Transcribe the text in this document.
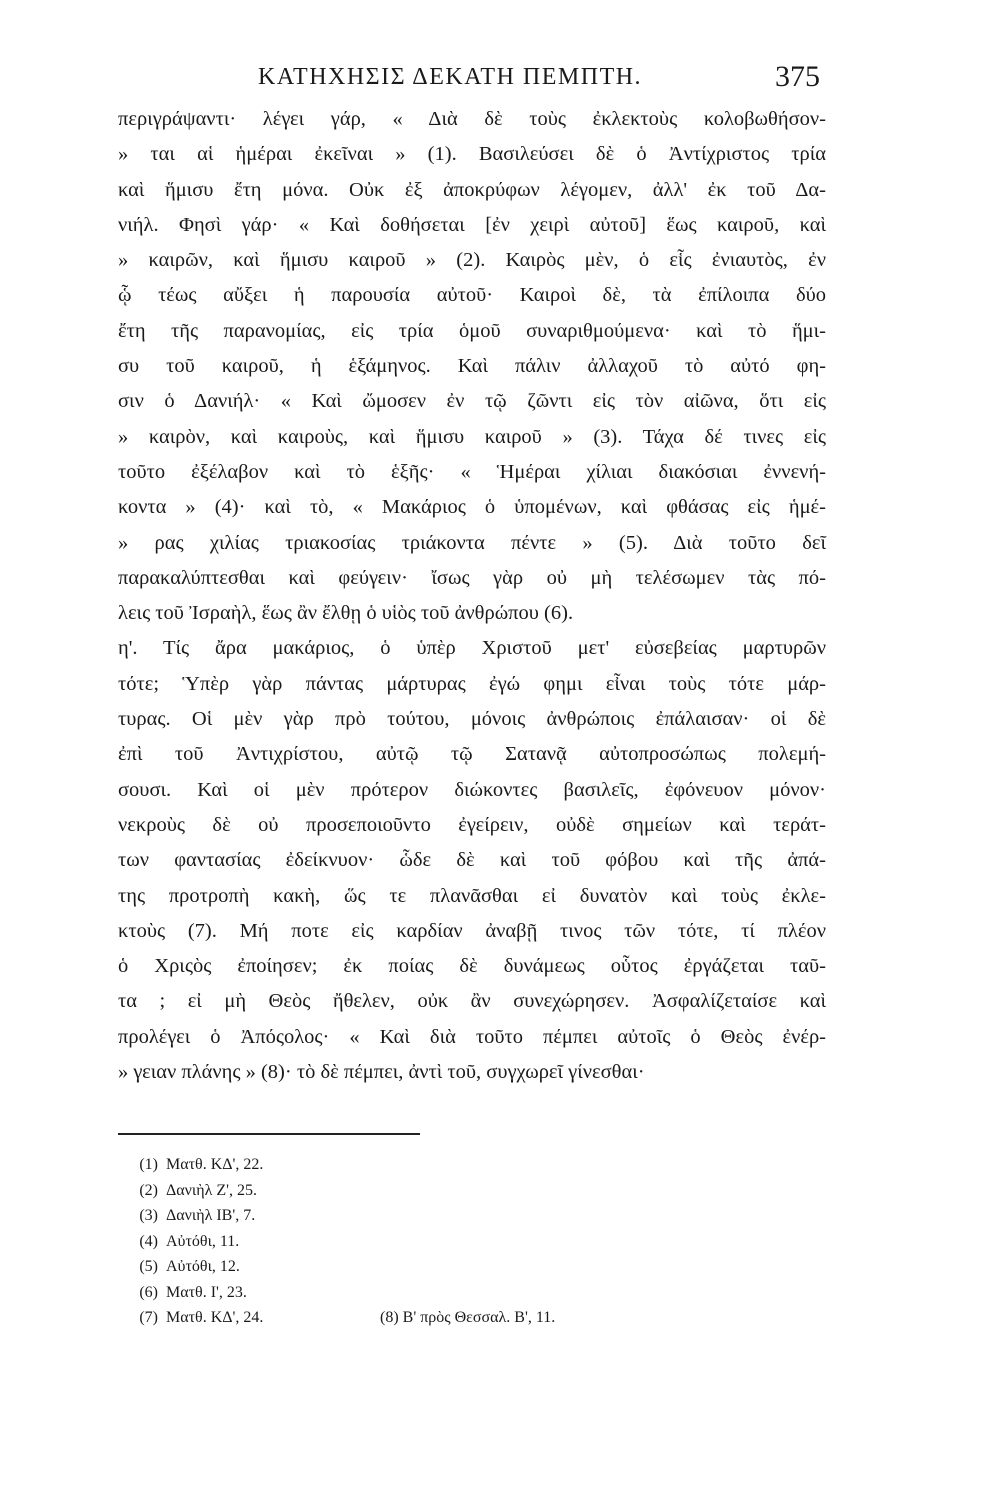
ΚΑΤΗΧΗΣΙΣ ΔΕΚΑΤΗ ΠΕΜΠΤΗ.	375
περιγράψαντι· λέγει γάρ, « Διὰ δὲ τοὺς ἐκλεκτοὺς κολοβωθήσον-
» ται αἱ ἡμέραι ἐκεῖναι » (1). Βασιλεύσει δὲ ὁ Ἀντίχριστος τρία
καὶ ἥμισυ ἔτη μόνα. Οὐκ ἐξ ἀποκρύφων λέγομεν, ἀλλ' ἐκ τοῦ Δα-
νιήλ. Φησὶ γάρ· « Καὶ δοθήσεται [ἐν χειρὶ αὐτοῦ] ἕως καιροῦ, καὶ
» καιρῶν, καὶ ἥμισυ καιροῦ » (2). Καιρὸς μὲν, ὁ εἷς ἐνιαυτὸς, ἐν
ᾧ τέως αὔξει ἡ παρουσία αὐτοῦ· Καιροὶ δὲ, τὰ ἐπίλοιπα δύο
ἔτη τῆς παρανομίας, εἰς τρία ὁμοῦ συναριθμούμενα· καὶ τὸ ἥμι-
συ τοῦ καιροῦ, ἡ ἑξάμηνος. Καὶ πάλιν ἀλλαχοῦ τὸ αὐτό φη-
σιν ὁ Δανιήλ· « Καὶ ὤμοσεν ἐν τῷ ζῶντι εἰς τὸν αἰῶνα, ὅτι εἰς
» καιρὸν, καὶ καιροὺς, καὶ ἥμισυ καιροῦ » (3). Τάχα δέ τινες εἰς
τοῦτο ἐξέλαβον καὶ τὸ ἑξῆς· « Ἡμέραι χίλιαι διακόσιαι ἐννενή-
κοντα » (4)· καὶ τὸ, « Μακάριος ὁ ὑπομένων, καὶ φθάσας εἰς ἡμέ-
» ρας χιλίας τριακοσίας τριάκοντα πέντε » (5). Διὰ τοῦτο δεῖ
παρακαλύπτεσθαι καὶ φεύγειν· ἴσως γὰρ οὐ μὴ τελέσωμεν τὰς πό-
λεις τοῦ Ἰσραὴλ, ἕως ἂν ἔλθῃ ὁ υἱὸς τοῦ ἀνθρώπου (6).
η'. Τίς ἄρα μακάριος, ὁ ὑπὲρ Χριστοῦ μετ' εὐσεβείας μαρτυρῶν
τότε; Ὑπὲρ γὰρ πάντας μάρτυρας ἐγώ φημι εἶναι τοὺς τότε μάρ-
τυρας. Οἱ μὲν γὰρ πρὸ τούτου, μόνοις ἀνθρώποις ἐπάλαισαν· οἱ δὲ
ἐπὶ τοῦ Ἀντιχρίστου, αὐτῷ τῷ Σατανᾷ αὐτοπροσώπως πολεμή-
σουσι. Καὶ οἱ μὲν πρότερον διώκοντες βασιλεῖς, ἐφόνευον μόνον·
νεκροὺς δὲ οὐ προσεποιοῦντο ἐγείρειν, οὐδὲ σημείων καὶ τεράτ-
των φαντασίας ἐδείκνυον· ὧδε δὲ καὶ τοῦ φόβου καὶ τῆς ἀπά-
της προτροπὴ κακὴ, ὥς τε πλανᾶσθαι εἰ δυνατὸν καὶ τοὺς ἐκλε-
κτοὺς (7). Μή ποτε εἰς καρδίαν ἀναβῇ τινος τῶν τότε, τί πλέον
ὁ Χριςὸς ἐποίησεν; ἐκ ποίας δὲ δυνάμεως οὗτος ἐργάζεται ταῦ-
τα ; εἰ μὴ Θεὸς ἤθελεν, οὐκ ἂν συνεχώρησεν. Ἀσφαλίζεταίσε καὶ
προλέγει ὁ Ἀπόςολος· « Καὶ διὰ τοῦτο πέμπει αὐτοῖς ὁ Θεὸς ἐνέρ-
» γειαν πλάνης » (8)· τὸ δὲ πέμπει, ἀντὶ τοῦ, συγχωρεῖ γίνεσθαι·
(1) Ματθ. ΚΔ', 22.
(2) Δανιὴλ Ζ', 25.
(3) Δανιὴλ ΙΒ', 7.
(4) Αὐτόθι, 11.
(5) Αὐτόθι, 12.
(6) Ματθ. Ι', 23.
(7) Ματθ. ΚΔ', 24.	(8) Β' πρὸς Θεσσαλ. Β', 11.
